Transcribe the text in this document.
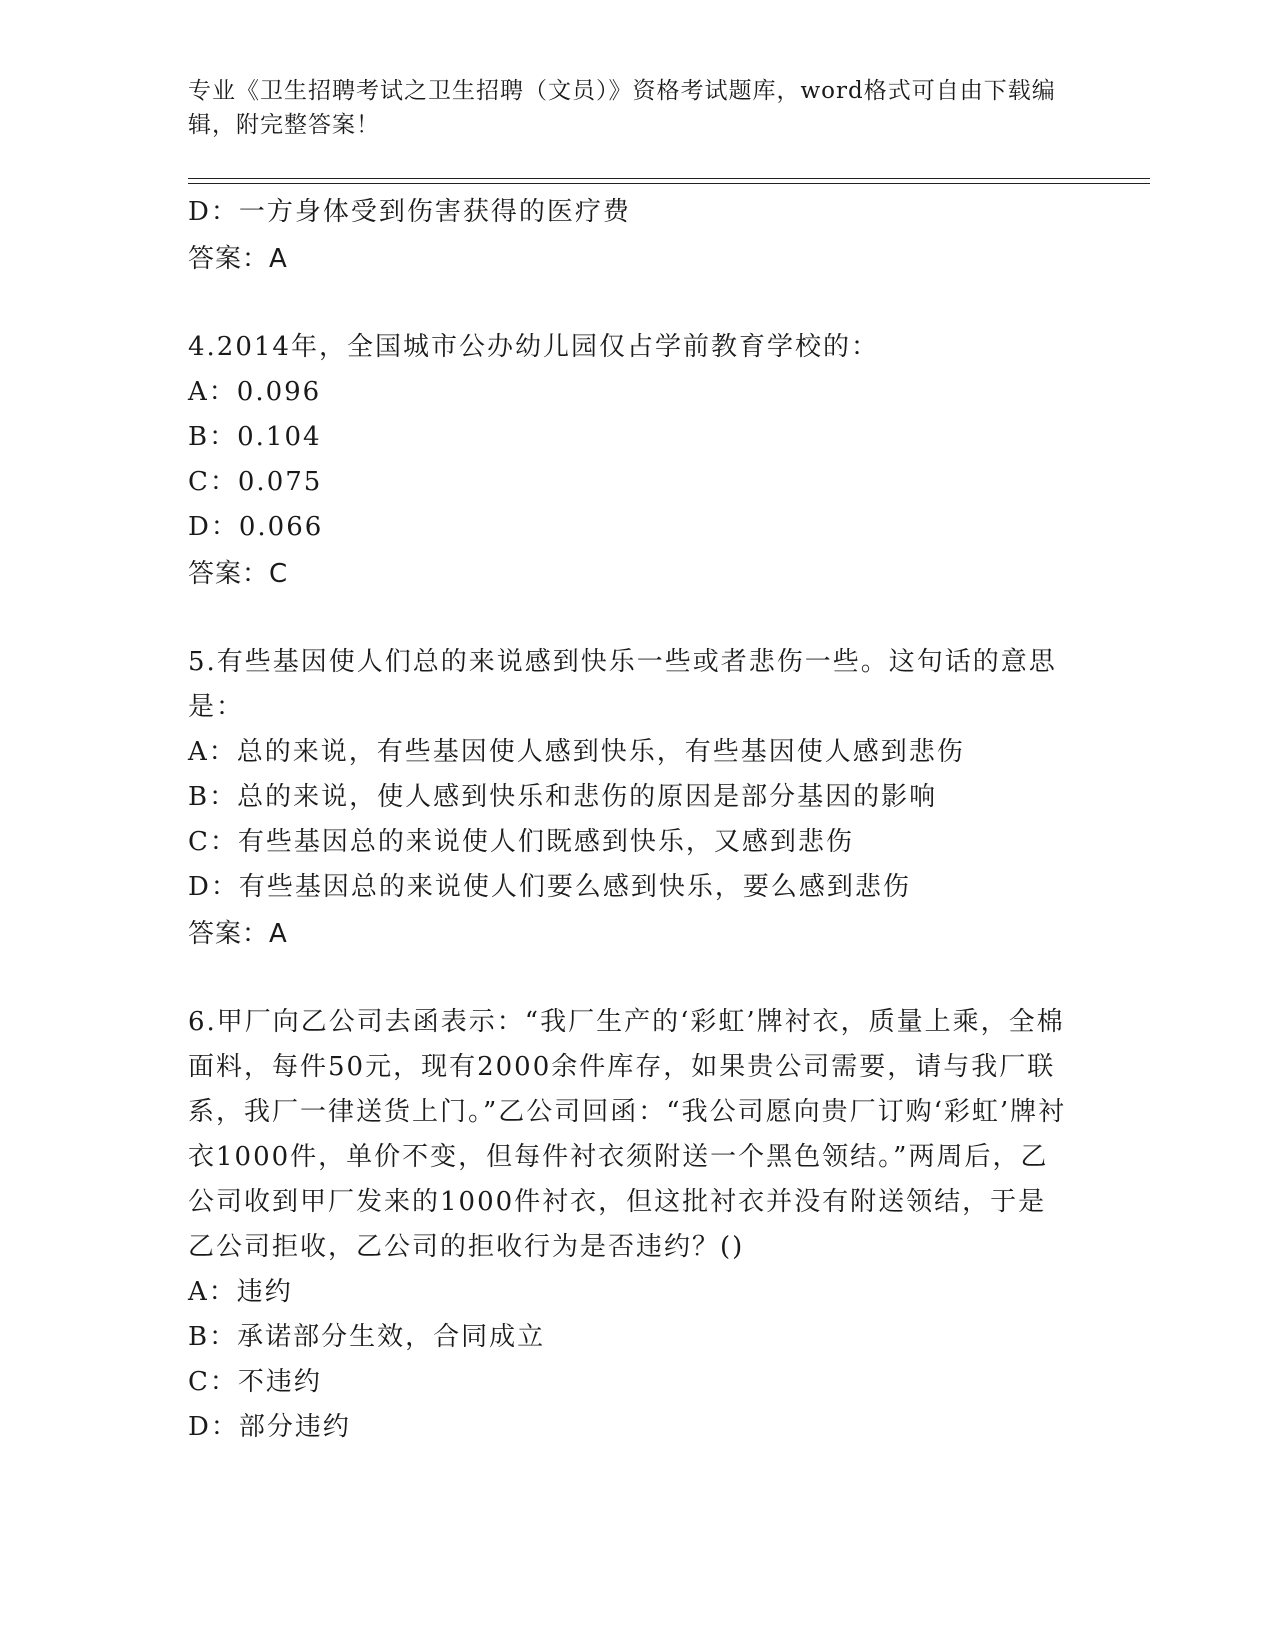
专业《卫生招聘考试之卫生招聘（文员）》资格考试题库，word格式可自由下载编辑，附完整答案！
D：一方身体受到伤害获得的医疗费
答案：A
4.2014年，全国城市公办幼儿园仅占学前教育学校的：
A：0.096
B：0.104
C：0.075
D：0.066
答案：C
5.有些基因使人们总的来说感到快乐一些或者悲伤一些。这句话的意思是：
A：总的来说，有些基因使人感到快乐，有些基因使人感到悲伤
B：总的来说，使人感到快乐和悲伤的原因是部分基因的影响
C：有些基因总的来说使人们既感到快乐，又感到悲伤
D：有些基因总的来说使人们要么感到快乐，要么感到悲伤
答案：A
6.甲厂向乙公司去函表示：“我厂生产的‘彩虹’牌衬衣，质量上乘，全棉面料，每件50元，现有2000余件库存，如果贵公司需要，请与我厂联系，我厂一律送货上门。”乙公司回函：“我公司愿向贵厂订购‘彩虹’牌衬衣1000件，单价不变，但每件衬衣须附送一个黑色领结。”两周后，乙公司收到甲厂发来的1000件衬衣，但这批衬衣并没有附送领结，于是乙公司拒收，乙公司的拒收行为是否违约？()
A：违约
B：承诺部分生效，合同成立
C：不违约
D：部分违约
